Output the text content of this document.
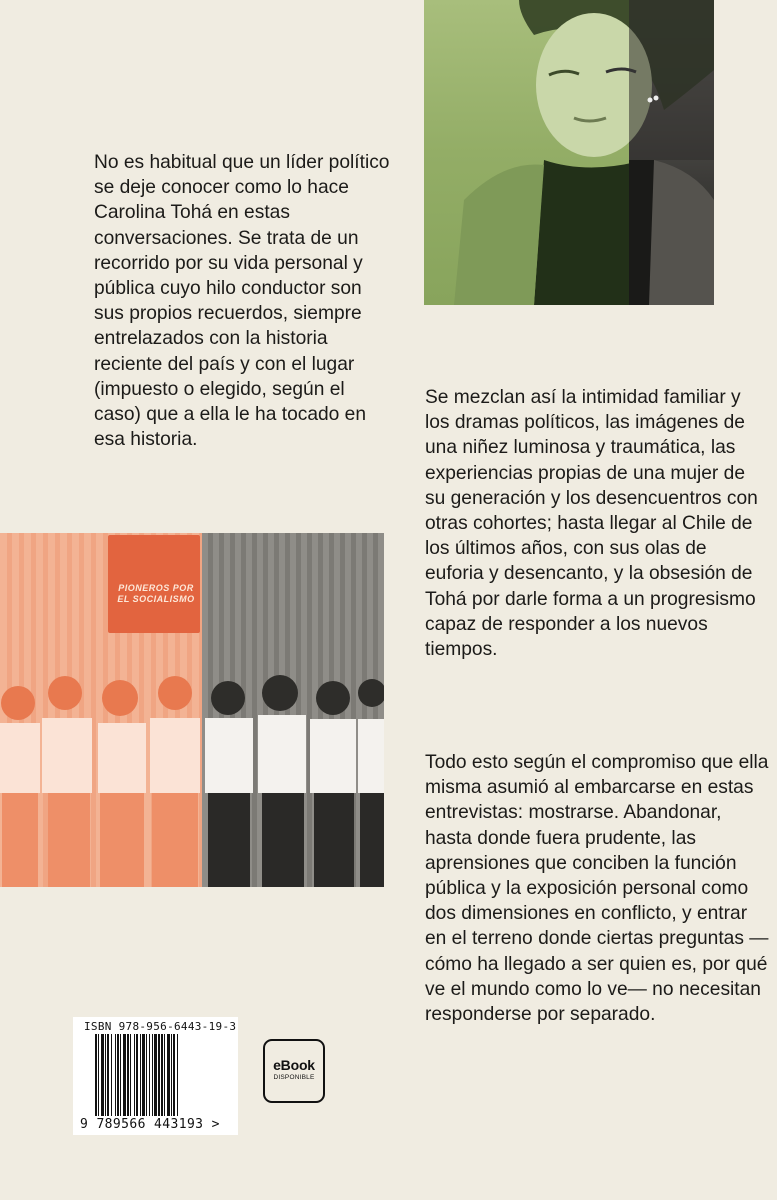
No es habitual que un líder político se deje conocer como lo hace Carolina Tohá en estas conversaciones. Se trata de un recorrido por su vida personal y pública cuyo hilo conductor son sus propios recuerdos, siempre entrelazados con la historia reciente del país y con el lugar (impuesto o elegido, según el caso) que a ella le ha tocado en esa historia.

Se mezclan así la intimidad familiar y los dramas políticos, las imágenes de una niñez luminosa y traumática, las experiencias propias de una mujer de su generación y los desencuentros con otras cohortes; hasta llegar al Chile de los últimos años, con sus olas de euforia y desencanto, y la obsesión de Tohá por darle forma a un progresismo capaz de responder a los nuevos tiempos.

PIONEROS POR EL SOCIALISMO

Todo esto según el compromiso que ella misma asumió al embarcarse en estas entrevistas: mostrarse. Abandonar, hasta donde fuera prudente, las aprensiones que conciben la función pública y la exposición personal como dos dimensiones en conflicto, y entrar en el terreno donde ciertas preguntas —cómo ha llegado a ser quien es, por qué ve el mundo como lo ve— no necesitan responderse por separado.

ISBN 978-956-6443-19-3
9 789566 443193 >
eBook
DISPONIBLE
